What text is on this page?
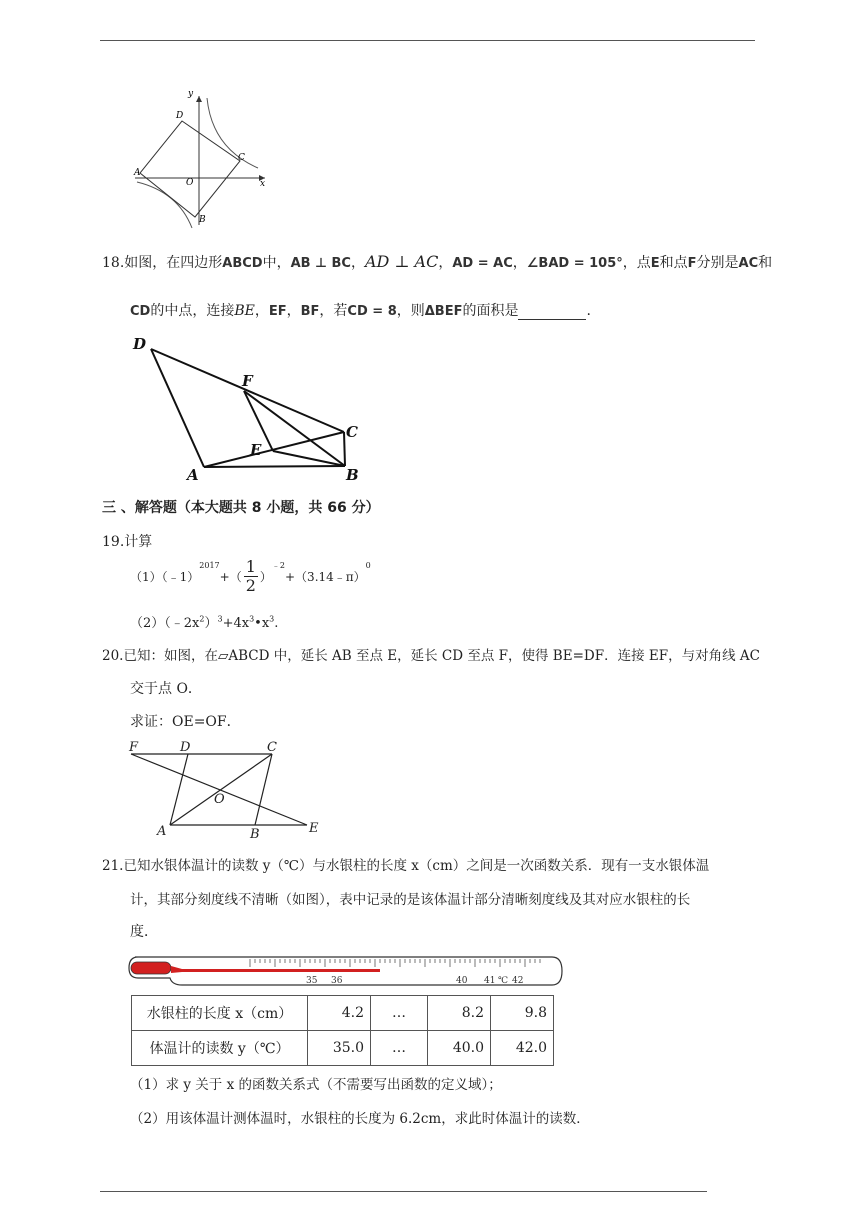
y
x
D
C
A
O
B
18.如图，在四边形ABCD中，AB ⊥ BC，AD ⊥ AC，AD = AC，∠BAD = 105°，点E和点F分别是AC和
CD的中点，连接BE，EF，BF，若CD = 8，则ΔBEF的面积是	.
D
F
C
E
A	B
三 、解答题（本大题共 8 小题，共 66 分）
19.计算
（1）（﹣1）$^{2017}$+（ $\frac{1}{2}$ ）$^{﹣2}$+（3.14﹣π）$^0$
$(2)(﹣2x^2)^3+4x^3•x^3$.
20.已知：如图，在▱ABCD 中，延长 AB 至点 E，延长 CD 至点 F，使得 BE=DF．连接 EF，与对角线 AC
交于点 O．
求证：OE=OF．
F	D	C
O
A	B	E
21.已知水银体温计的读数 y（℃）与水银柱的长度 x（cm）之间是一次函数关系．现有一支水银体温
计，其部分刻度线不清晰（如图），表中记录的是该体温计部分清晰刻度线及其对应水银柱的长
度．
35 36	40 41 ℃ 42
水银柱的长度 x（cm）	4.2	…	8.2	9.8
体温计的读数 y（℃）	35.0	…	40.0	42.0
（1）求 y 关于 x 的函数关系式（不需要写出函数的定义域）；
（2）用该体温计测体温时，水银柱的长度为 6.2cm，求此时体温计的读数．
